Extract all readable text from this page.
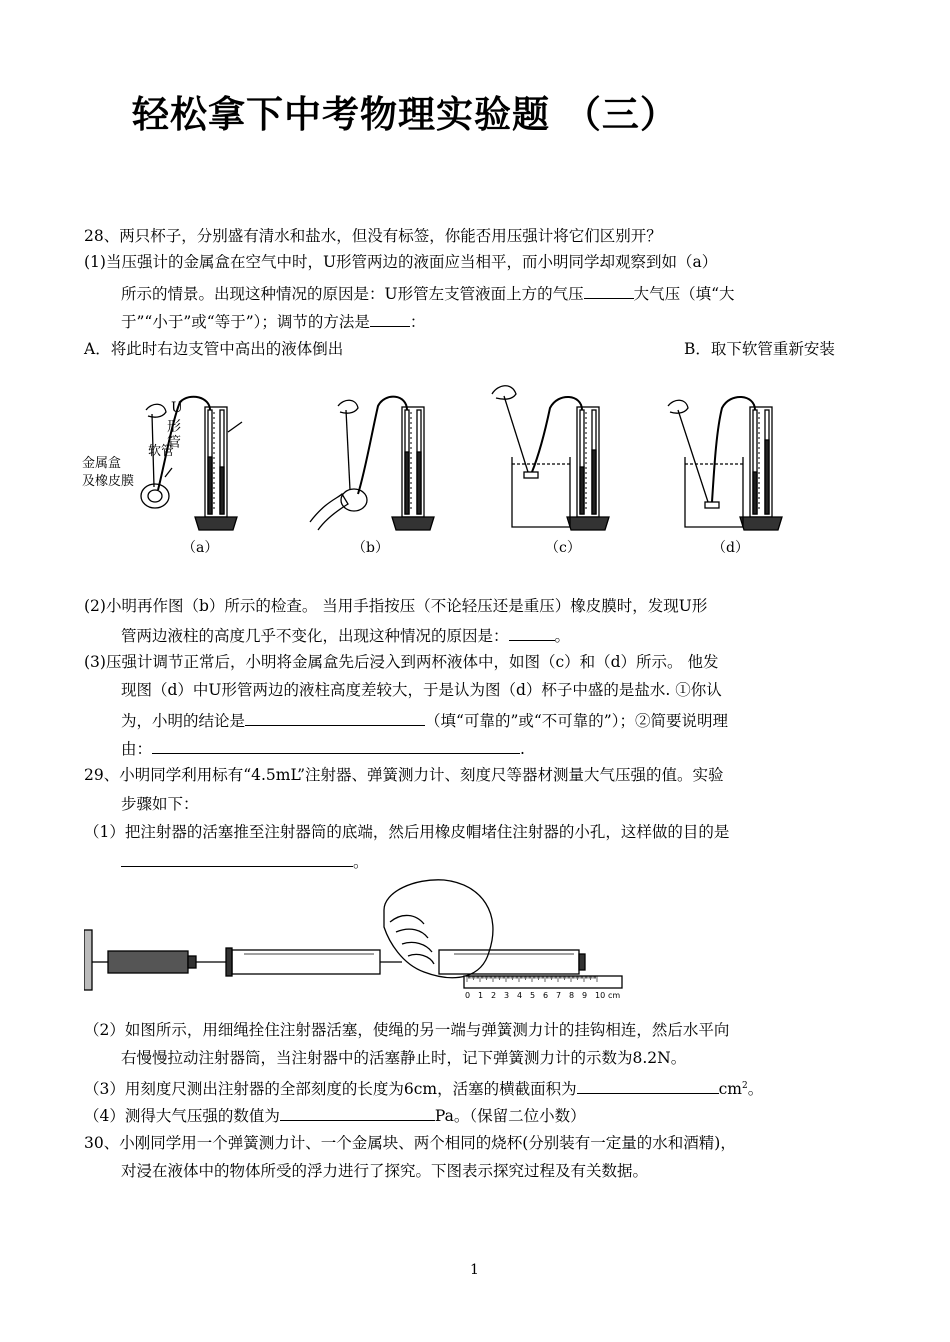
轻松拿下中考物理实验题 （三）
28、两只杯子，分别盛有清水和盐水，但没有标签，你能否用压强计将它们区别开？
(1)当压强计的金属盒在空气中时，U形管两边的液面应当相平，而小明同学却观察到如（a）
所示的情景。出现这种情况的原因是：U形管左支管液面上方的气压	大气压（填“大
于”“小于”或“等于”）；调节的方法是	：
A．将此时右边支管中高出的液体倒出	B．取下软管重新安装
U
形
管
软管
金属盒
及橡皮膜
（a）	（b）	（c）	（d）
(2)小明再作图（b）所示的检查。 当用手指按压（不论轻压还是重压）橡皮膜时，发现U形
管两边液柱的高度几乎不变化，出现这种情况的原因是：	。
(3)压强计调节正常后，小明将金属盒先后浸入到两杯液体中，如图（c）和（d）所示。 他发
现图（d）中U形管两边的液柱高度差较大，于是认为图（d）杯子中盛的是盐水. ①你认
为，小明的结论是	（填“可靠的”或“不可靠的”）；②简要说明理
由：	.
29、小明同学利用标有“4.5mL”注射器、弹簧测力计、刻度尺等器材测量大气压强的值。实验
步骤如下：
（1）把注射器的活塞推至注射器筒的底端，然后用橡皮帽堵住注射器的小孔，这样做的目的是
。
0 1 2 3 4 5 6 7 8 9 10 cm
（2）如图所示，用细绳拴住注射器活塞，使绳的另一端与弹簧测力计的挂钩相连，然后水平向
右慢慢拉动注射器筒，当注射器中的活塞静止时，记下弹簧测力计的示数为8.2N。
（3）用刻度尺测出注射器的全部刻度的长度为6cm，活塞的横截面积为	$cm^2$。
（4）测得大气压强的数值为	Pa。（保留二位小数）
30、小刚同学用一个弹簧测力计、一个金属块、两个相同的烧杯(分别装有一定量的水和酒精)，
对浸在液体中的物体所受的浮力进行了探究。下图表示探究过程及有关数据。
1
